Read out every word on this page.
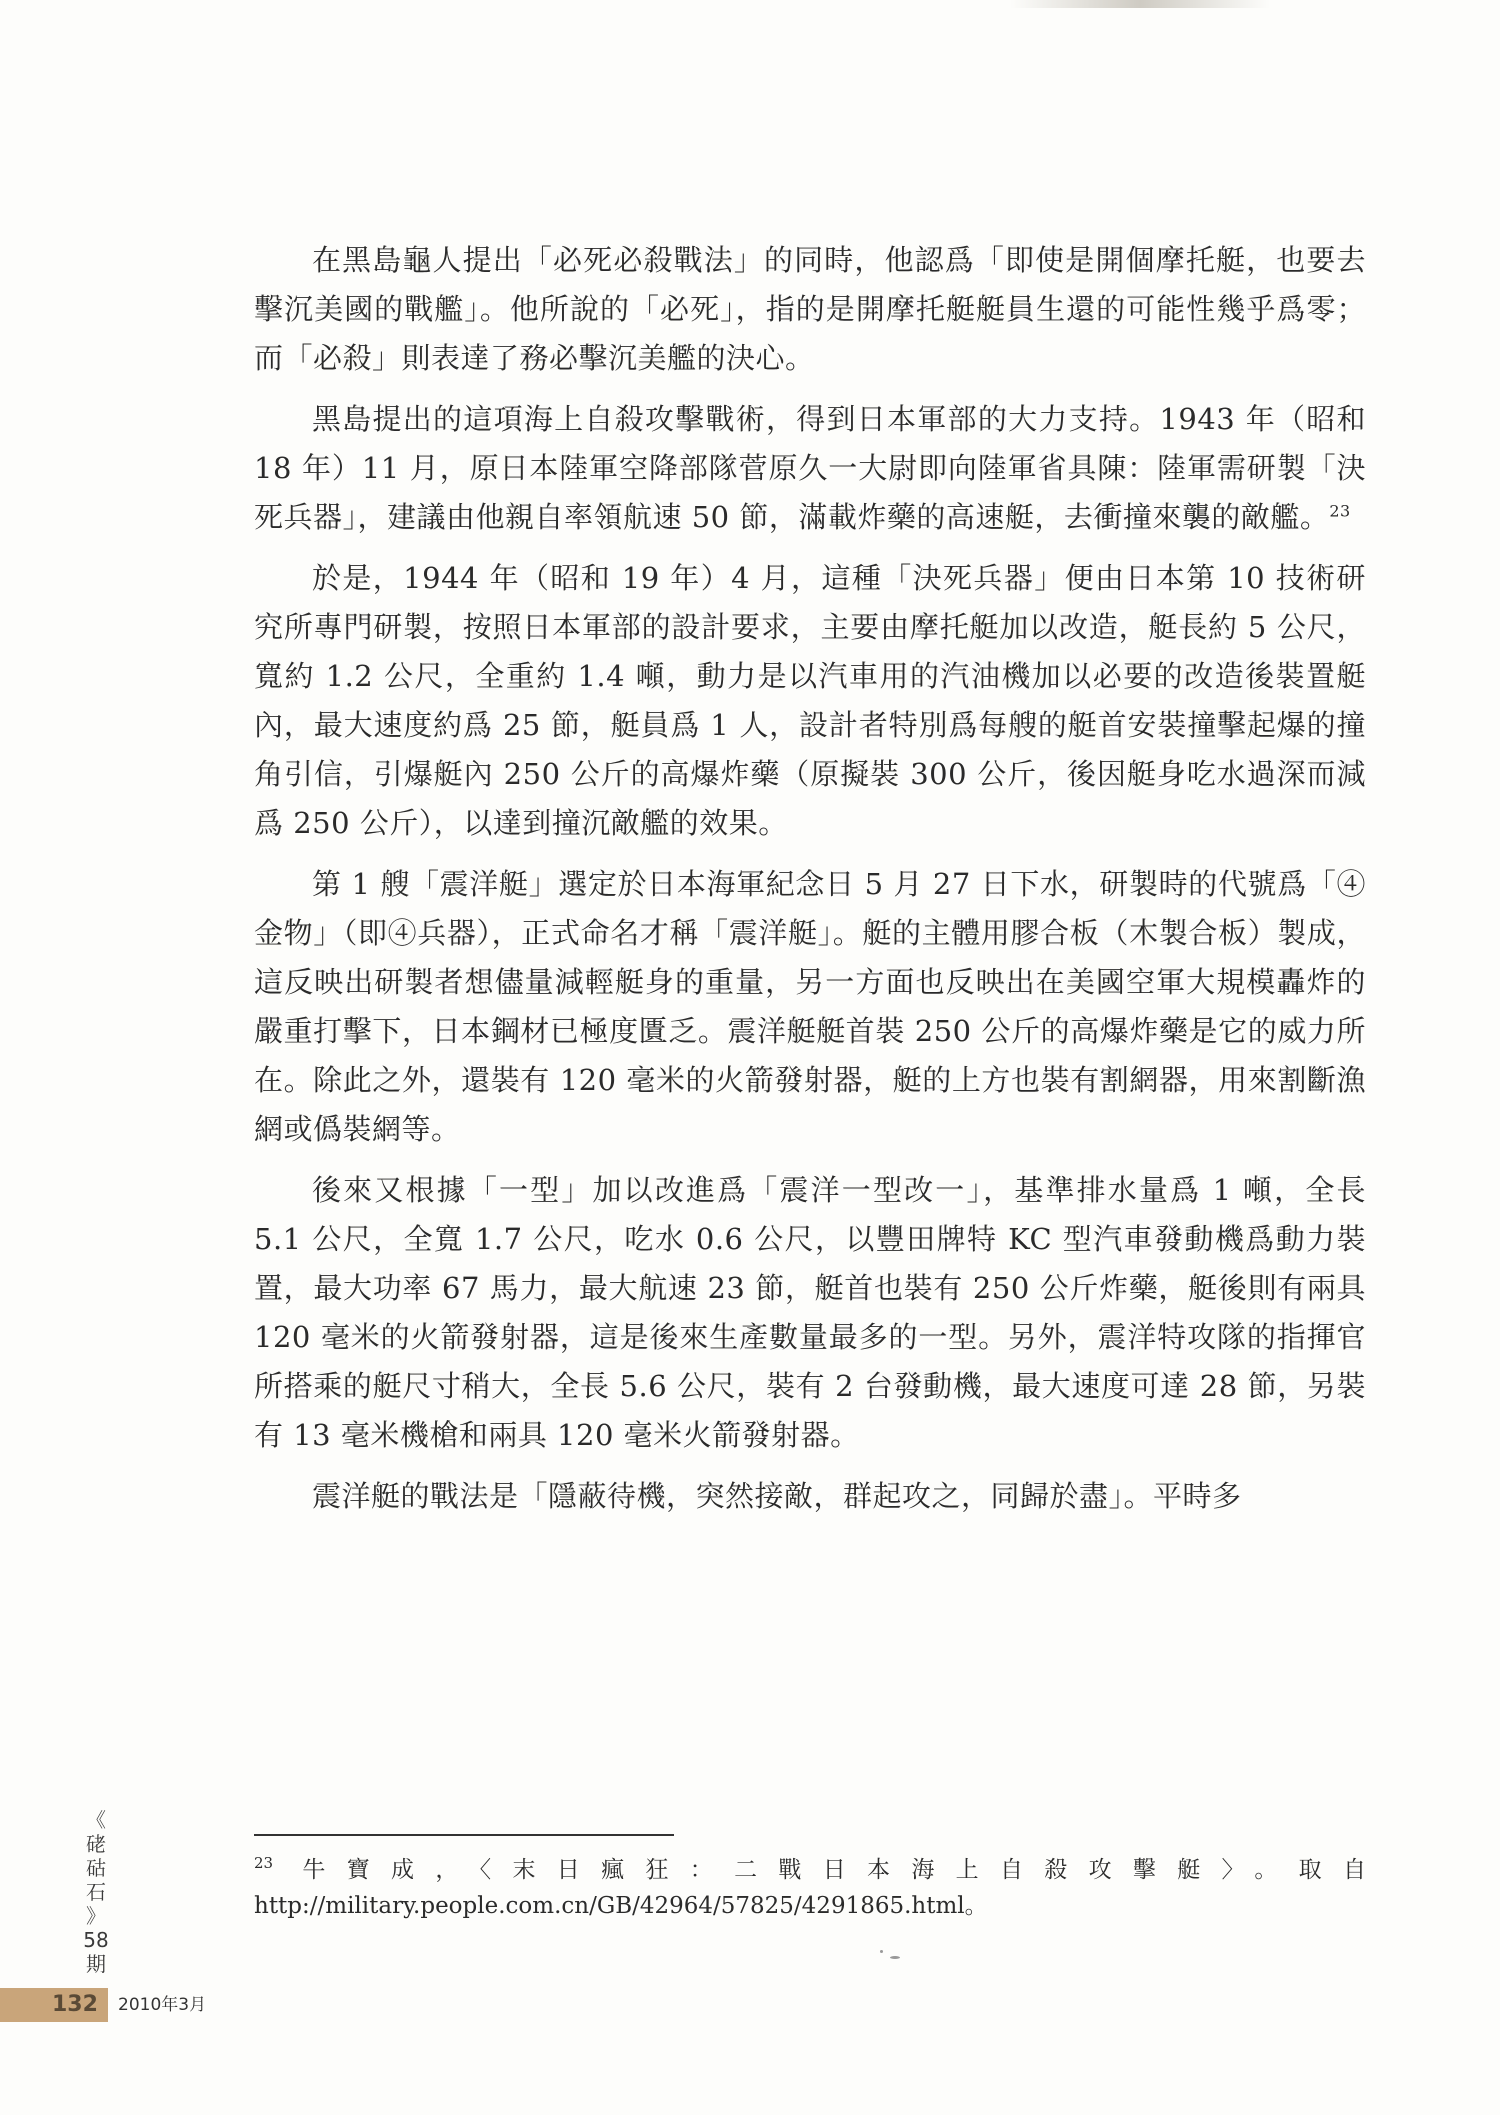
在黑島龜人提出「必死必殺戰法」的同時，他認爲「即使是開個摩托艇，也要去擊沉美國的戰艦」。他所說的「必死」，指的是開摩托艇艇員生還的可能性幾乎爲零；而「必殺」則表達了務必擊沉美艦的決心。

黑島提出的這項海上自殺攻擊戰術，得到日本軍部的大力支持。1943 年（昭和 18 年）11 月，原日本陸軍空降部隊菅原久一大尉即向陸軍省具陳：陸軍需研製「決死兵器」，建議由他親自率領航速 50 節，滿載炸藥的高速艇，去衝撞來襲的敵艦。$^{23}$

於是，1944 年（昭和 19 年）4 月，這種「決死兵器」便由日本第 10 技術研究所專門研製，按照日本軍部的設計要求，主要由摩托艇加以改造，艇長約 5 公尺，寬約 1.2 公尺，全重約 1.4 噸，動力是以汽車用的汽油機加以必要的改造後裝置艇內，最大速度約爲 25 節，艇員爲 1 人，設計者特別爲每艘的艇首安裝撞擊起爆的撞角引信，引爆艇內 250 公斤的高爆炸藥（原擬裝 300 公斤，後因艇身吃水過深而減爲 250 公斤），以達到撞沉敵艦的效果。

第 1 艘「震洋艇」選定於日本海軍紀念日 5 月 27 日下水，研製時的代號爲「④金物」（即④兵器），正式命名才稱「震洋艇」。艇的主體用膠合板（木製合板）製成，這反映出研製者想儘量減輕艇身的重量，另一方面也反映出在美國空軍大規模轟炸的嚴重打擊下，日本鋼材已極度匱乏。震洋艇艇首裝 250 公斤的高爆炸藥是它的威力所在。除此之外，還裝有 120 毫米的火箭發射器，艇的上方也裝有割網器，用來割斷漁網或僞裝網等。

後來又根據「一型」加以改進爲「震洋一型改一」，基準排水量爲 1 噸，全長 5.1 公尺，全寬 1.7 公尺，吃水 0.6 公尺，以豐田牌特 KC 型汽車發動機爲動力裝置，最大功率 67 馬力，最大航速 23 節，艇首也裝有 250 公斤炸藥，艇後則有兩具 120 毫米的火箭發射器，這是後來生產數量最多的一型。另外，震洋特攻隊的指揮官所搭乘的艇尺寸稍大，全長 5.6 公尺，裝有 2 台發動機，最大速度可達 28 節，另裝有 13 毫米機槍和兩具 120 毫米火箭發射器。

震洋艇的戰法是「隱蔽待機，突然接敵，群起攻之，同歸於盡」。平時多

$^{23}$ 牛寶成，〈末日瘋狂：二戰日本海上自殺攻擊艇〉。取自 http://military.people.com.cn/GB/42964/57825/4291865.html。
《
硓
𥑮
石
》
58
期
132 2010年3月
